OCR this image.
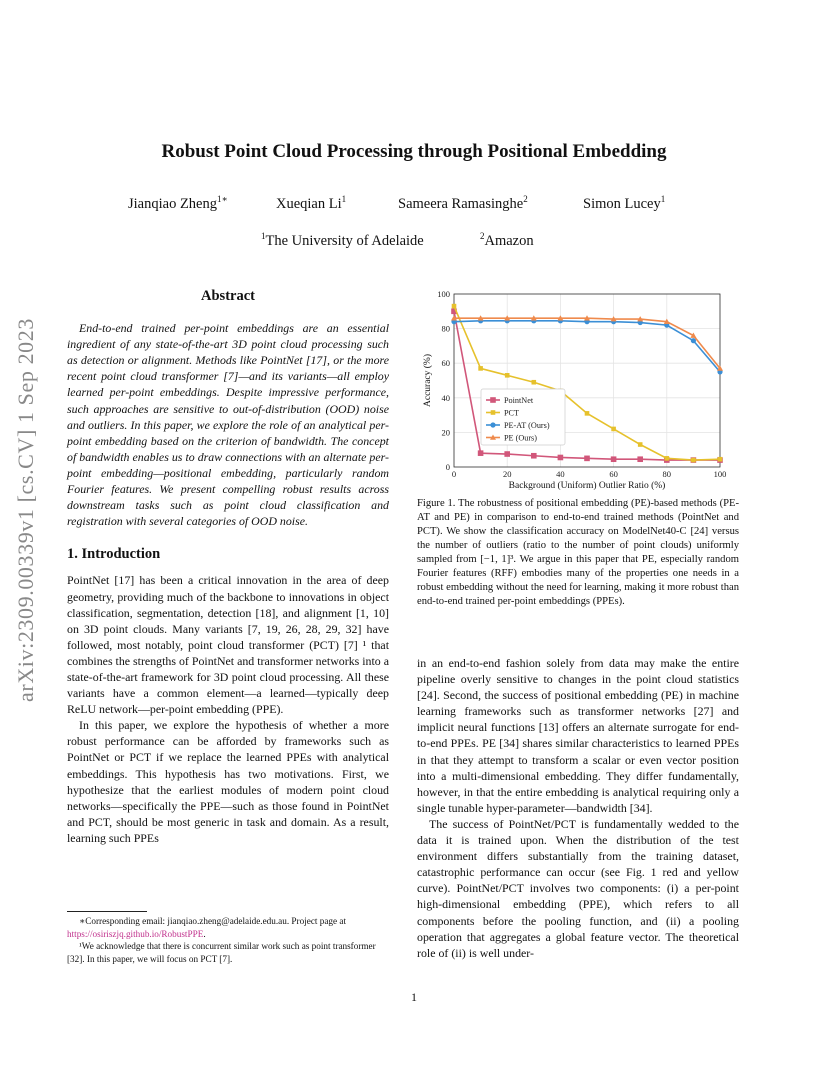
Robust Point Cloud Processing through Positional Embedding
Jianqiao Zheng$^{1∗}$	Xueqian Li$^1$	Sameera Ramasinghe$^2$	Simon Lucey$^1$
$^1$The University of Adelaide	$^2$Amazon
arXiv:2309.00339v1 [cs.CV] 1 Sep 2023
Abstract

End-to-end trained per-point embeddings are an essential ingredient of any state-of-the-art 3D point cloud processing such as detection or alignment. Methods like PointNet [17], or the more recent point cloud transformer [7]—and its variants—all employ learned per-point embeddings. Despite impressive performance, such approaches are sensitive to out-of-distribution (OOD) noise and outliers. In this paper, we explore the role of an analytical per-point embedding based on the criterion of bandwidth. The concept of bandwidth enables us to draw connections with an alternate per-point embedding—positional embedding, particularly random Fourier features. We present compelling robust results across downstream tasks such as point cloud classification and registration with several categories of OOD noise.

1. Introduction

PointNet [17] has been a critical innovation in the area of deep geometry, providing much of the backbone to innovations in object classification, segmentation, detection [18], and alignment [1, 10] on 3D point clouds. Many variants [7, 19, 26, 28, 29, 32] have followed, most notably, point cloud transformer (PCT) [7] ¹ that combines the strengths of PointNet and transformer networks into a state-of-the-art framework for 3D point cloud processing. All these variants have a common element—a learned—typically deep ReLU network—per-point embedding (PPE).

In this paper, we explore the hypothesis of whether a more robust performance can be afforded by frameworks such as PointNet or PCT if we replace the learned PPEs with analytical embeddings. This hypothesis has two motivations. First, we hypothesize that the earliest modules of modern point cloud networks—specifically the PPE—such as those found in PointNet and PCT, should be most generic in task and domain. As a result, learning such PPEs

∗Corresponding email: jianqiao.zheng@adelaide.edu.au. Project page at https://osiriszjq.github.io/RobustPPE.

¹We acknowledge that there is concurrent similar work such as point transformer [32]. In this paper, we will focus on PCT [7].

0	20	40	60	80	100
0
20
40
60
80
100
Background (Uniform) Outlier Ratio (%)
Accuracy (%)	PointNet
PCT
PE-AT (Ours)
PE (Ours)
Figure 1. The robustness of positional embedding (PE)-based methods (PE-AT and PE) in comparison to end-to-end trained methods (PointNet and PCT). We show the classification accuracy on ModelNet40-C [24] versus the number of outliers (ratio to the number of point clouds) uniformly sampled from [−1, 1]³. We argue in this paper that PE, especially random Fourier features (RFF) embodies many of the properties one needs in a robust embedding without the need for learning, making it more robust than end-to-end trained per-point embeddings (PPEs).

in an end-to-end fashion solely from data may make the entire pipeline overly sensitive to changes in the point cloud statistics [24]. Second, the success of positional embedding (PE) in machine learning frameworks such as transformer networks [27] and implicit neural functions [13] offers an alternate surrogate for end-to-end PPEs. PE [34] shares similar characteristics to learned PPEs in that they attempt to transform a scalar or even vector position into a multi-dimensional embedding. They differ fundamentally, however, in that the entire embedding is analytical requiring only a single tunable hyper-parameter—bandwidth [34].

The success of PointNet/PCT is fundamentally wedded to the data it is trained upon. When the distribution of the test environment differs substantially from the training dataset, catastrophic performance can occur (see Fig. 1 red and yellow curve). PointNet/PCT involves two components: (i) a per-point high-dimensional embedding (PPE), which refers to all components before the pooling function, and (ii) a pooling operation that aggregates a global feature vector. The theoretical role of (ii) is well under-

1
